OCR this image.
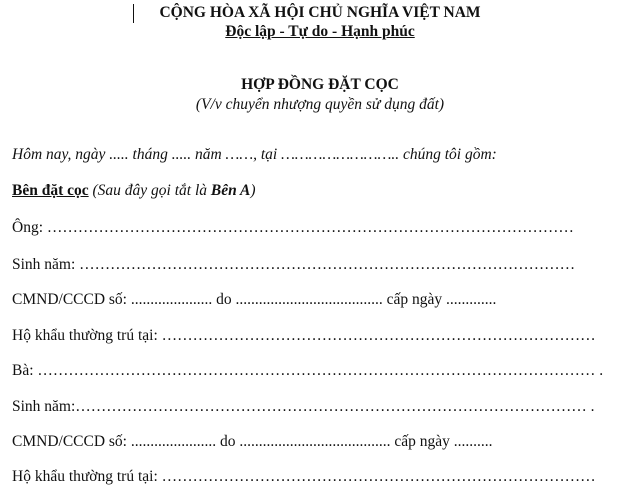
CỘNG HÒA XÃ HỘI CHỦ NGHĨA VIỆT NAM
Độc lập - Tự do - Hạnh phúc
HỢP ĐỒNG ĐẶT CỌC
(V/v chuyển nhượng quyền sử dụng đất)
Hôm nay, ngày ..... tháng ..... năm ……, tại …………………….. chúng tôi gồm:
Bên đặt cọc (Sau đây gọi tắt là Bên A)
Ông: …………………………………………………………………………………………
Sinh năm: ……………………………………………………………………………………
CMND/CCCD số: ..................... do ...................................... cấp ngày .............
Hộ khẩu thường trú tại: …………………………………………………………………………
Bà: ……………………………………………………………………………………………… .
Sinh năm:……………………………………………………………………………………… .
CMND/CCCD số: ...................... do ....................................... cấp ngày ..........
Hộ khẩu thường trú tại: …………………………………………………………………………
